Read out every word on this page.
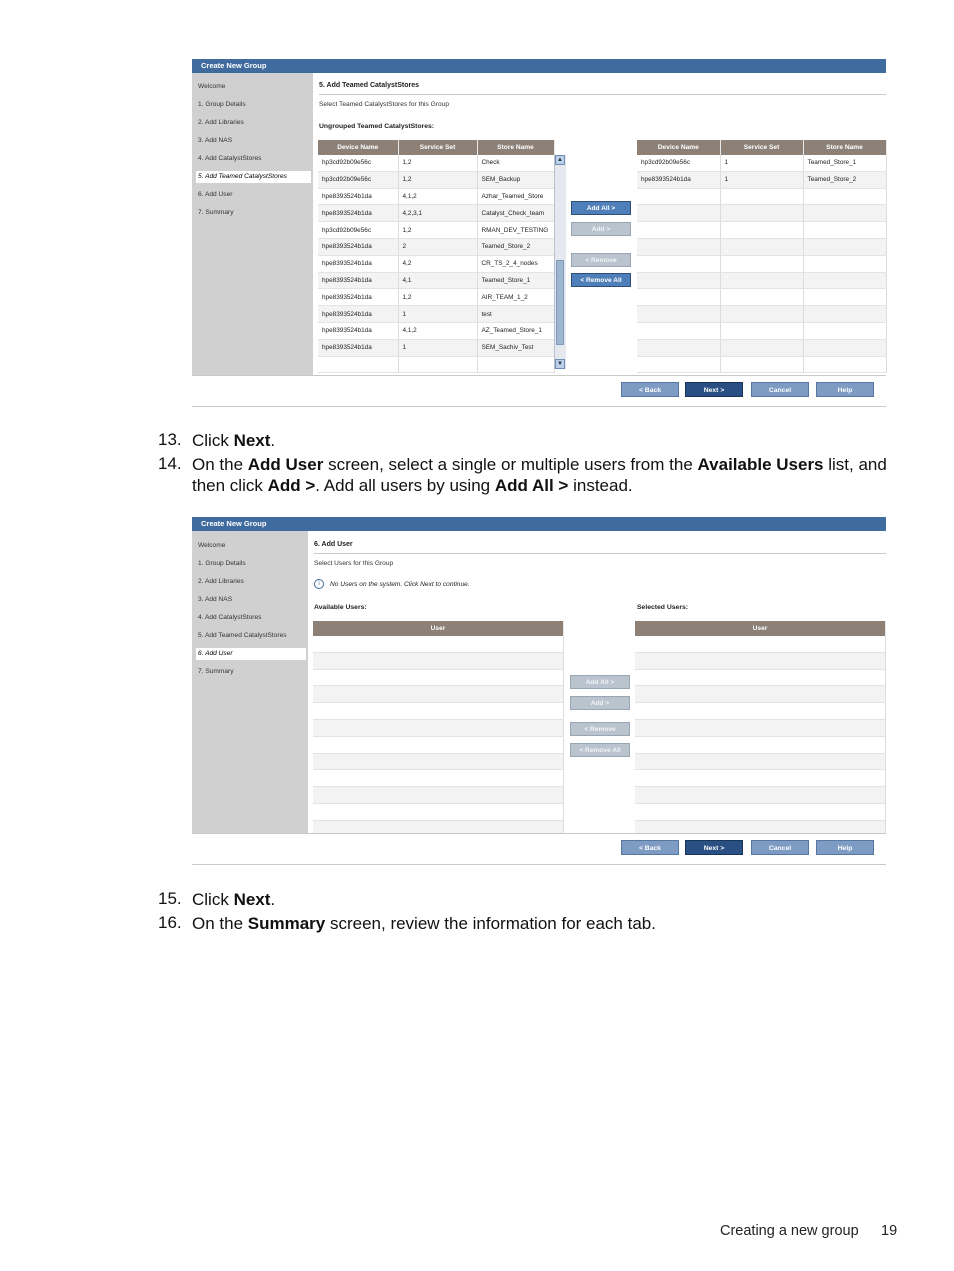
Create New Group
Welcome
1. Group Details
2. Add Libraries
3. Add NAS
4. Add CatalystStores
5. Add Teamed CatalystStores
6. Add User
7. Summary
5. Add Teamed CatalystStores
Select Teamed CatalystStores for this Group
Ungrouped Teamed CatalystStores:
Device Name	Service Set	Store Name
hp3cd92b09e56c	1,2	Check
hp3cd92b09e56c	1,2	SEM_Backup
hpe8393524b1da	4,1,2	Azhar_Teamed_Store
hpe8393524b1da	4,2,3,1	Catalyst_Check_team
hp3cd92b09e56c	1,2	RMAN_DEV_TESTING
hpe8393524b1da	2	Teamed_Store_2
hpe8393524b1da	4,2	CR_TS_2_4_nodes
hpe8393524b1da	4,1	Teamed_Store_1
hpe8393524b1da	1,2	AIR_TEAM_1_2
hpe8393524b1da	1	test
hpe8393524b1da	4,1,2	AZ_Teamed_Store_1
hpe8393524b1da	1	SEM_Sachiv_Test

▲
▼
Add All >
Add >
< Remove
< Remove All
Device Name	Service Set	Store Name
hp3cd92b09e56c	1	Teamed_Store_1
hpe8393524b1da	1	Teamed_Store_2

< Back	Next >	Cancel	Help
13. Click Next.
14. On the Add User screen, select a single or multiple users from the Available Users list, and
then click Add >. Add all users by using Add All > instead.
Create New Group
Welcome
1. Group Details
2. Add Libraries
3. Add NAS
4. Add CatalystStores
5. Add Teamed CatalystStores
6. Add User
7. Summary
6. Add User
Select Users for this Group
i No Users on the system. Click Next to continue.
Available Users:	Selected Users:
User

Add All >
Add >
< Remove
< Remove All
User

< Back	Next >	Cancel	Help
15. Click Next.
16. On the Summary screen, review the information for each tab.
Creating a new group 19
